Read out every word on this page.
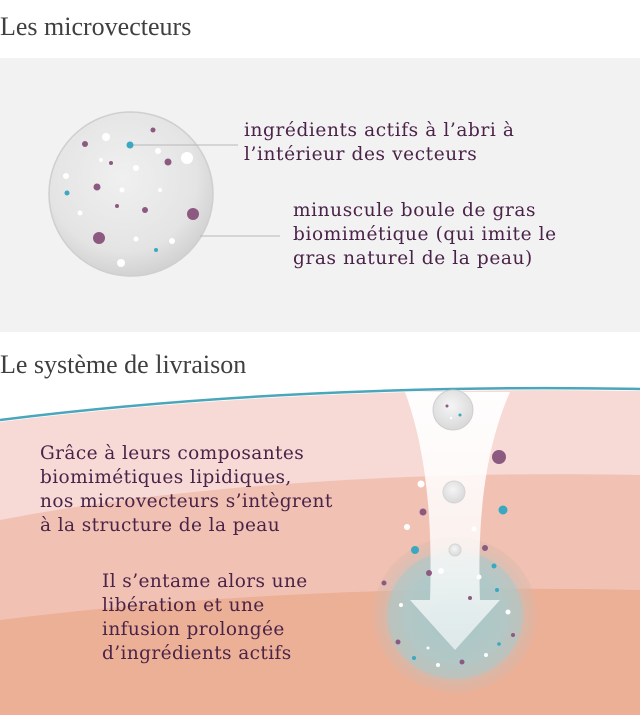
Les microvecteurs

ingrédients actifs à l’abri à
l’intérieur des vecteurs

minuscule boule de gras
biomimétique (qui imite le
gras naturel de la peau)

Le système de livraison

Grâce à leurs composantes
biomimétiques lipidiques,
nos microvecteurs s’intègrent
à la structure de la peau

Il s’entame alors une
libération et une
infusion prolongée
d’ingrédients actifs
